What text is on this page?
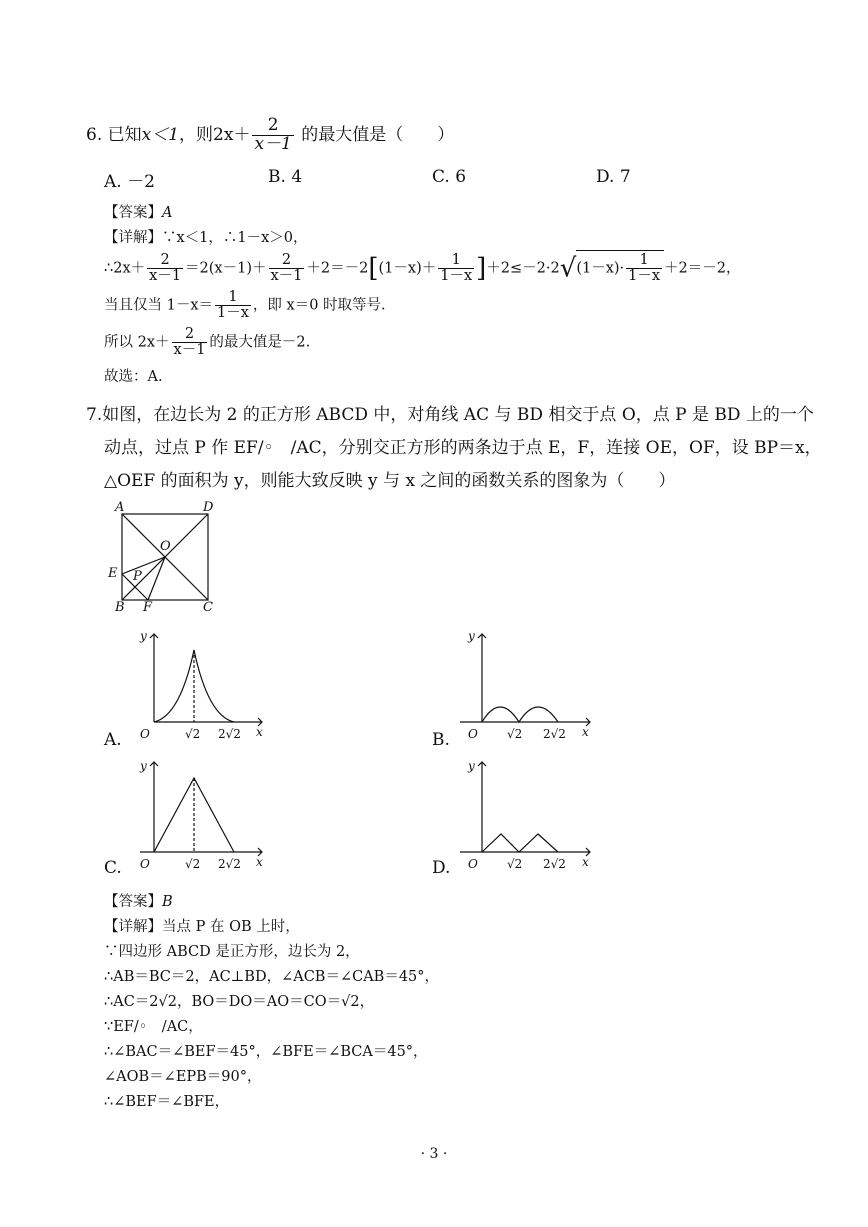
6. 已知x＜1，则$2x+ \frac{2}{x-1}$ 的最大值是（　　）
A. －2	B. 4	C. 6	D. 7
【答案】A
【详解】∵x＜1，∴1－x＞0，
∴2x＋ $\frac{2}{x-1} =2(x-1)+ \frac{2}{x-1} +2=-2[(1-x)+ \frac{1}{1-x} ]+2\le-2\cdot 2√(1-x)\cdot \frac{1}{1-x} +2=-2$，
当且仅当 $1-x= \frac{1}{1-x}$ ，即 x＝0 时取等号.
所以 $2x+ \frac{2}{x-1}$ 的最大值是－2.
故选：A.
7.如图，在边长为 2 的正方形 ABCD 中，对角线 AC 与 BD 相交于点 O，点 P 是 BD 上的一个
动点，过点 P 作 EF/◦　/AC，分别交正方形的两条边于点 E，F，连接 OE，OF，设 BP＝x，
△OEF 的面积为 y，则能大致反映 y 与 x 之间的函数关系的图象为（　　）
A	D
B	C
O
E P
F
A.
y
O	√2 2√2 x	B.
y
O √2 2√2 x
C.
y
O	√2 2√2 x	D.
y
O √2 2√2 x
【答案】B
【详解】当点 P 在 OB 上时，
∵四边形 ABCD 是正方形，边长为 2，
∴AB＝BC＝2，AC⊥BD，∠ACB＝∠CAB＝45°，
∴AC＝2√2，BO＝DO＝AO＝CO＝√2，
∵EF/◦　/AC，
∴∠BAC＝∠BEF＝45°，∠BFE＝∠BCA＝45°，
∠AOB＝∠EPB＝90°，
∴∠BEF＝∠BFE，
· 3 ·
